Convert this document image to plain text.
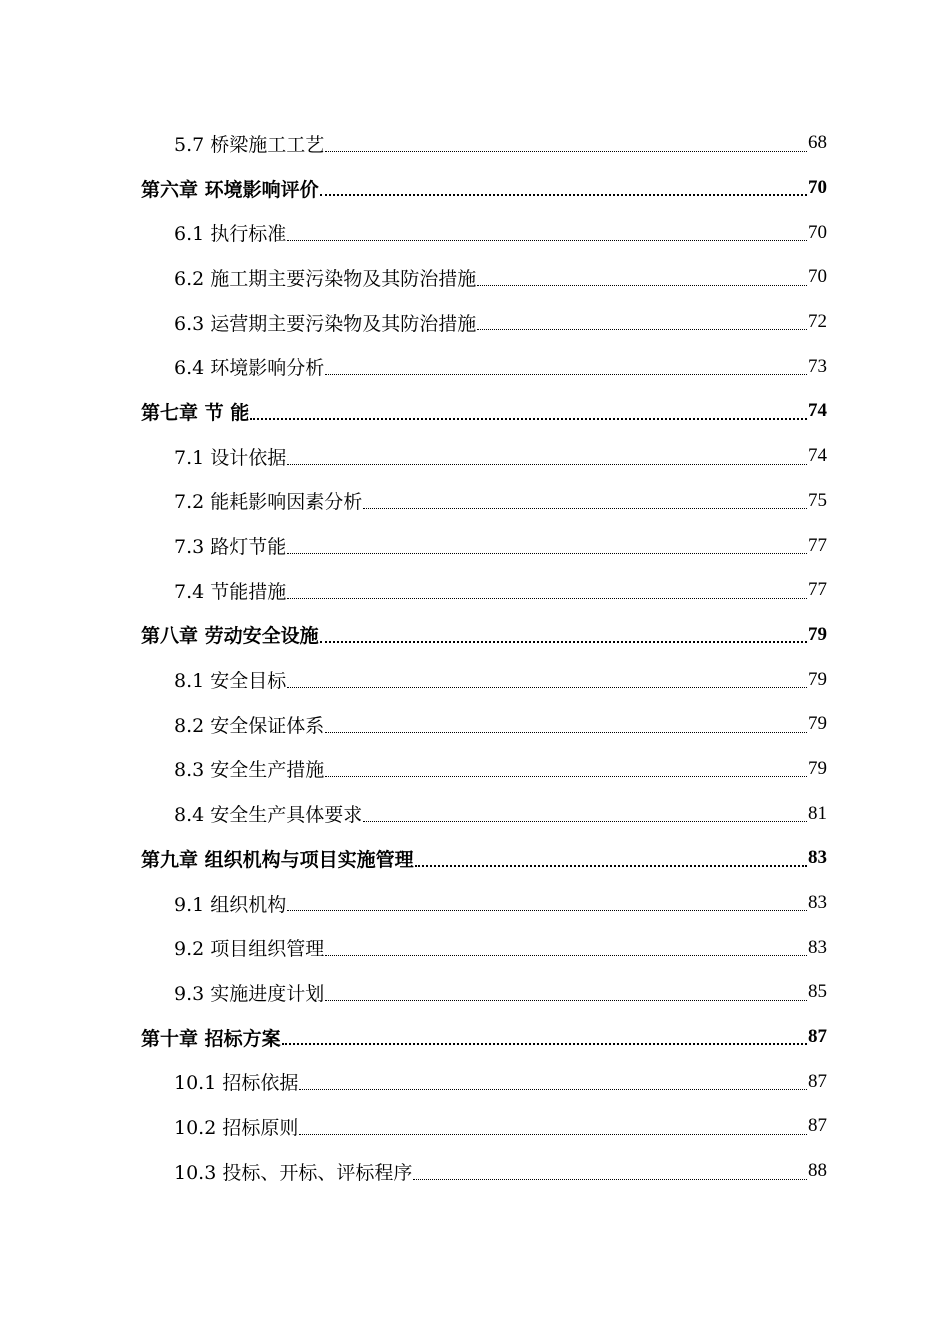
5.7 桥梁施工工艺	68
第六章 环境影响评价	70
6.1 执行标准	70
6.2 施工期主要污染物及其防治措施	70
6.3 运营期主要污染物及其防治措施	72
6.4 环境影响分析	73
第七章 节 能	74
7.1 设计依据	74
7.2 能耗影响因素分析	75
7.3 路灯节能	77
7.4 节能措施	77
第八章 劳动安全设施	79
8.1 安全目标	79
8.2 安全保证体系	79
8.3 安全生产措施	79
8.4 安全生产具体要求	81
第九章 组织机构与项目实施管理	83
9.1 组织机构	83
9.2 项目组织管理	83
9.3 实施进度计划	85
第十章 招标方案	87
10.1 招标依据	87
10.2 招标原则	87
10.3 投标、开标、评标程序	88
